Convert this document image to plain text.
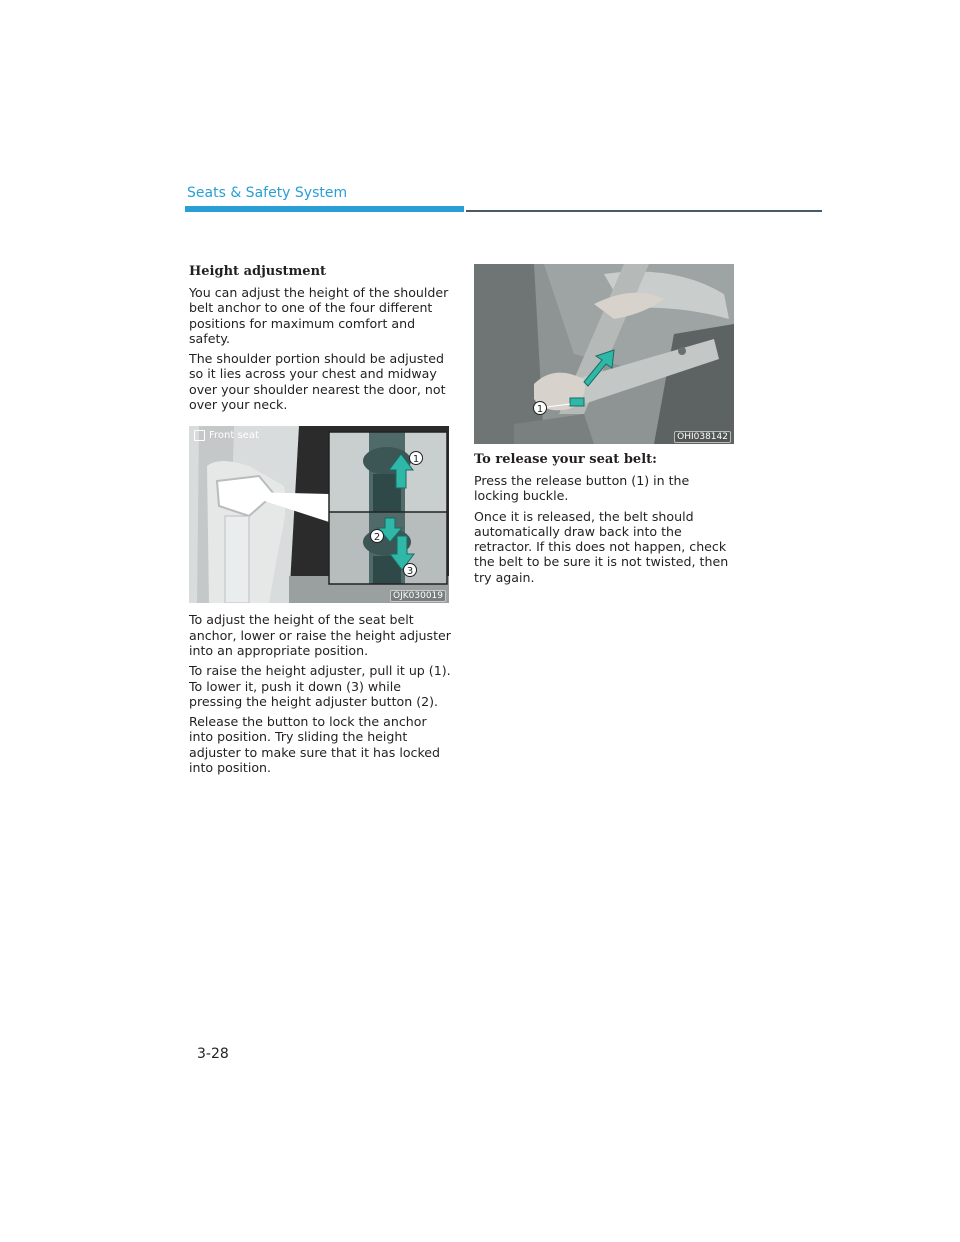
Seats & Safety System
Height adjustment

You can adjust the height of the shoulder belt anchor to one of the four different positions for maximum comfort and safety.

The shoulder portion should be adjusted so it lies across your chest and midway over your shoulder nearest the door, not over your neck.

1
2
3
Front seat
OJK030019

To adjust the height of the seat belt anchor, lower or raise the height adjuster into an appropriate position.

To raise the height adjuster, pull it up (1). To lower it, push it down (3) while pressing the height adjuster button (2).

Release the button to lock the anchor into position. Try sliding the height adjuster to make sure that it has locked into position.

1
OHI038142
To release your seat belt:

Press the release button (1) in the locking buckle.

Once it is released, the belt should automatically draw back into the retractor. If this does not happen, check the belt to be sure it is not twisted, then try again.

3-28
